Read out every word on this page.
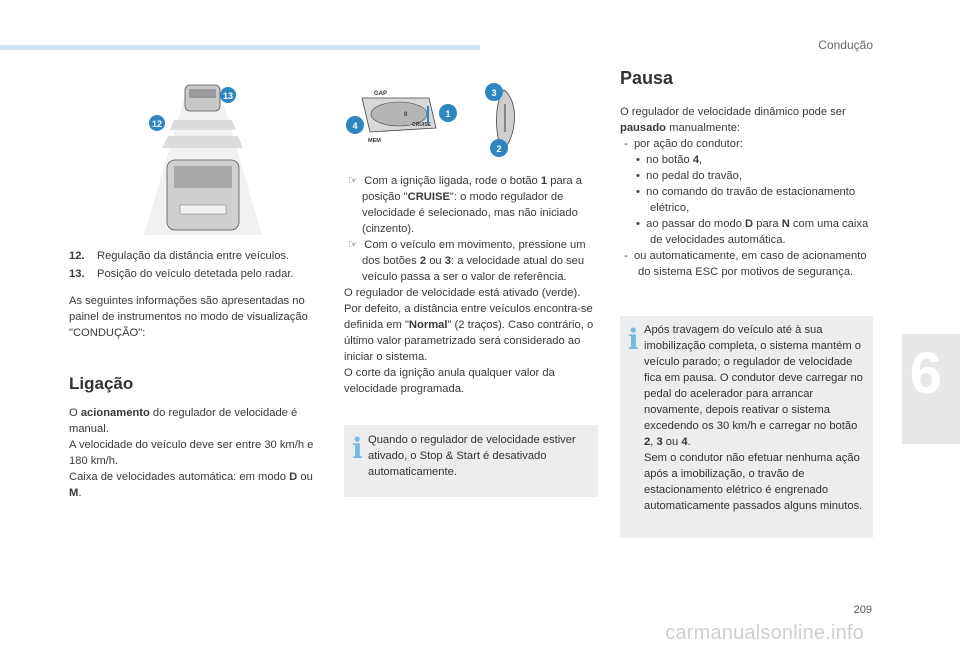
Condução
6
209
carmanualsonline.info
13
12
GAP
MEM
CRUISE
0	1
4
3
2
12. Regulação da distância entre veículos.
13. Posição do veículo detetada pelo radar.
As seguintes informações são apresentadas no painel de instrumentos no modo de visualização "CONDUÇÃO":
Ligação

O acionamento do regulador de velocidade é manual.

A velocidade do veículo deve ser entre 30 km/h e 180 km/h.

Caixa de velocidades automática: em modo D ou M.

☞  Com a ignição ligada, rode o botão 1 para a posição "CRUISE": o modo regulador de velocidade é selecionado, mas não iniciado (cinzento).

☞  Com o veículo em movimento, pressione um dos botões 2 ou 3: a velocidade atual do seu veículo passa a ser o valor de referência.

O regulador de velocidade está ativado (verde).

Por defeito, a distância entre veículos encontra-se definida em "Normal" (2 traços). Caso contrário, o último valor parametrizado será considerado ao iniciar o sistema.

O corte da ignição anula qualquer valor da velocidade programada.

i Quando o regulador de velocidade estiver ativado, o Stop & Start é desativado automaticamente.
Pausa

O regulador de velocidade dinâmico pode ser pausado manualmente:

-  por ação do condutor:

•  no botão 4,

•  no pedal do travão,

•  no comando do travão de estacionamento elétrico,

•  ao passar do modo D para N com uma caixa de velocidades automática.

-  ou automaticamente, em caso de acionamento do sistema ESC por motivos de segurança.

i Após travagem do veículo até à sua imobilização completa, o sistema mantém o veículo parado; o regulador de velocidade fica em pausa. O condutor deve carregar no pedal do acelerador para arrancar novamente, depois reativar o sistema excedendo os 30 km/h e carregar no botão 2, 3 ou 4.

Sem o condutor não efetuar nenhuma ação após a imobilização, o travão de estacionamento elétrico é engrenado automaticamente passados alguns minutos.
